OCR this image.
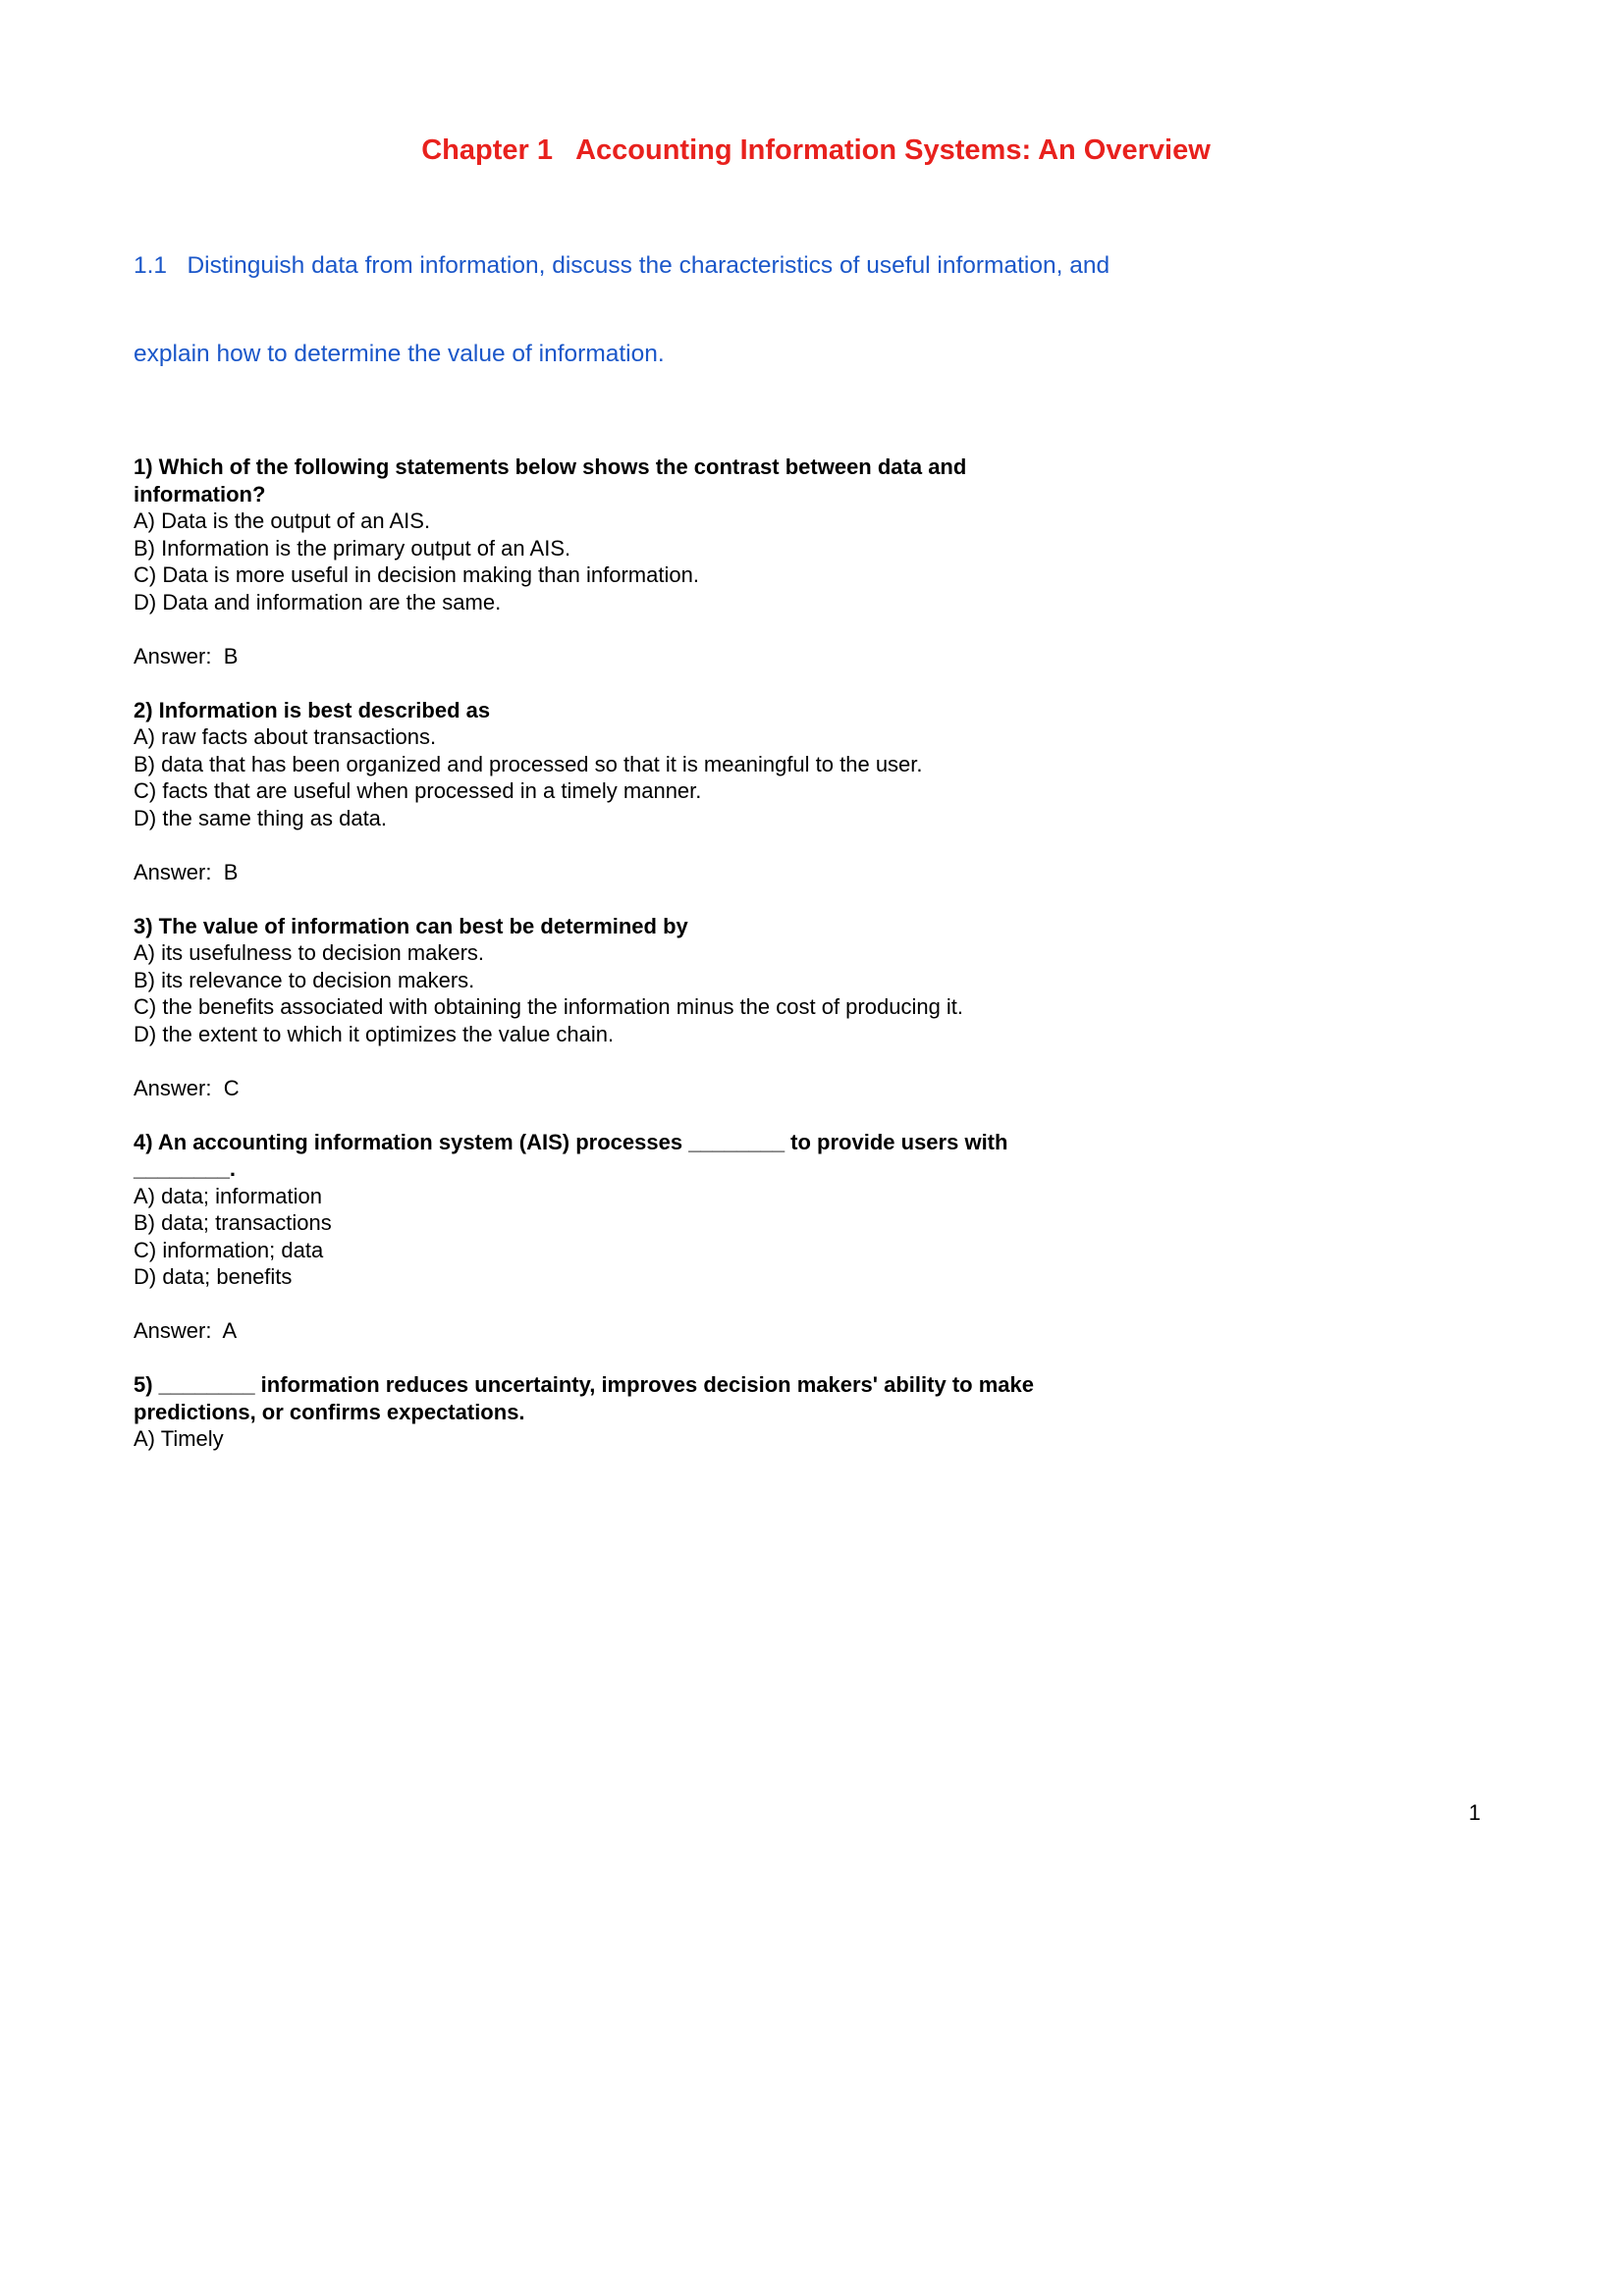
Chapter 1   Accounting Information Systems: An Overview

1.1   Distinguish data from information, discuss the characteristics of useful information, and

explain how to determine the value of information.

1) Which of the following statements below shows the contrast between data and
information?
A) Data is the output of an AIS.
B) Information is the primary output of an AIS.
C) Data is more useful in decision making than information.
D) Data and information are the same.
Answer:  B
2) Information is best described as
A) raw facts about transactions.
B) data that has been organized and processed so that it is meaningful to the user.
C) facts that are useful when processed in a timely manner.
D) the same thing as data.
Answer:  B
3) The value of information can best be determined by
A) its usefulness to decision makers.
B) its relevance to decision makers.
C) the benefits associated with obtaining the information minus the cost of producing it.
D) the extent to which it optimizes the value chain.
Answer:  C
4) An accounting information system (AIS) processes ________ to provide users with
________.
A) data; information
B) data; transactions
C) information; data
D) data; benefits
Answer:  A
5) ________ information reduces uncertainty, improves decision makers' ability to make
predictions, or confirms expectations.
A) Timely
1
